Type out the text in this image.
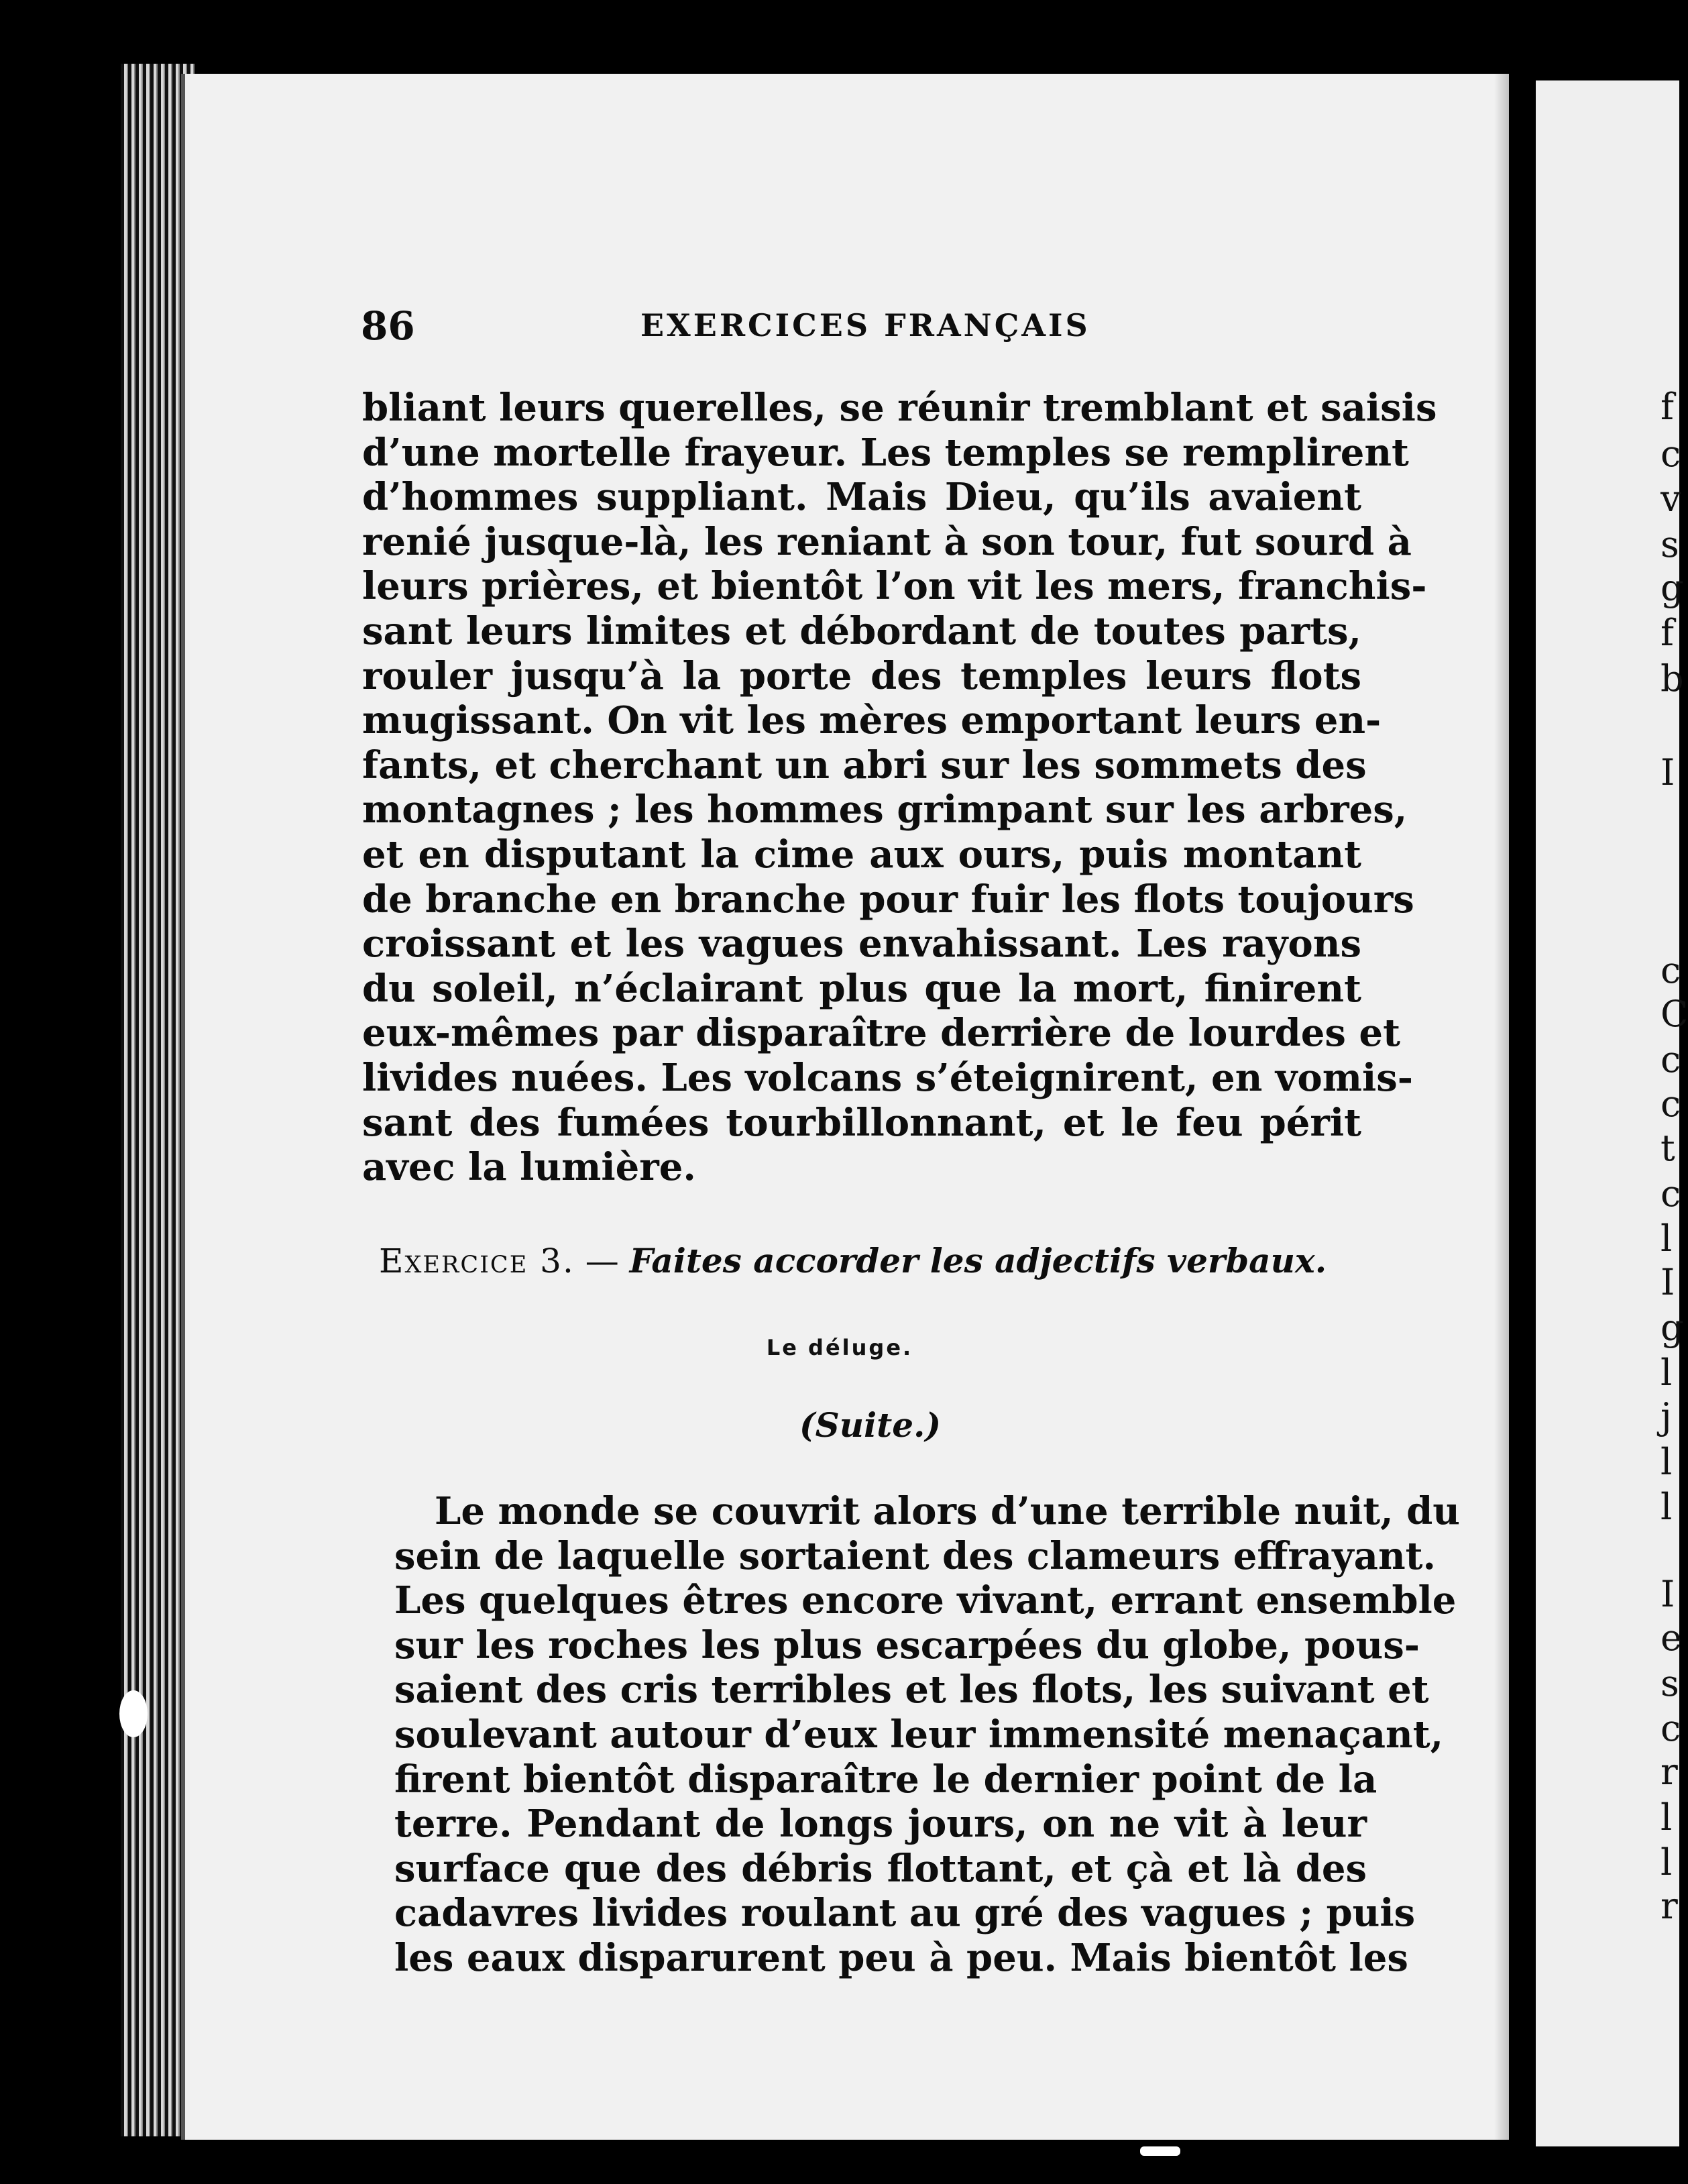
86	EXERCICES FRANÇAIS
bliant leurs querelles, se réunir tremblant et saisis
d’une mortelle frayeur. Les temples se remplirent
d’hommes suppliant. Mais Dieu, qu’ils avaient
renié jusque-là, les reniant à son tour, fut sourd à
leurs prières, et bientôt l’on vit les mers, franchis-
sant leurs limites et débordant de toutes parts,
rouler jusqu’à la porte des temples leurs flots
mugissant. On vit les mères emportant leurs en-
fants, et cherchant un abri sur les sommets des
montagnes ; les hommes grimpant sur les arbres,
et en disputant la cime aux ours, puis montant
de branche en branche pour fuir les flots toujours
croissant et les vagues envahissant. Les rayons
du soleil, n’éclairant plus que la mort, finirent
eux-mêmes par disparaître derrière de lourdes et
livides nuées. Les volcans s’éteignirent, en vomis-
sant des fumées tourbillonnant, et le feu périt
avec la lumière.
Exercice 3. — Faites accorder les adjectifs verbaux.
Le déluge.
(Suite.)
Le monde se couvrit alors d’une terrible nuit, du
sein de laquelle sortaient des clameurs effrayant.
Les quelques êtres encore vivant, errant ensemble
sur les roches les plus escarpées du globe, pous-
saient des cris terribles et les flots, les suivant et
soulevant autour d’eux leur immensité menaçant,
firent bientôt disparaître le dernier point de la
terre. Pendant de longs jours, on ne vit à leur
surface que des débris flottant, et çà et là des
cadavres livides roulant au gré des vagues ; puis
les eaux disparurent peu à peu. Mais bientôt les
f
c
v
s
g
f
b
I
c
C
c
c
t
c
l
I
g
l
j
l
l
I
e
s
c
r
l
l
r
